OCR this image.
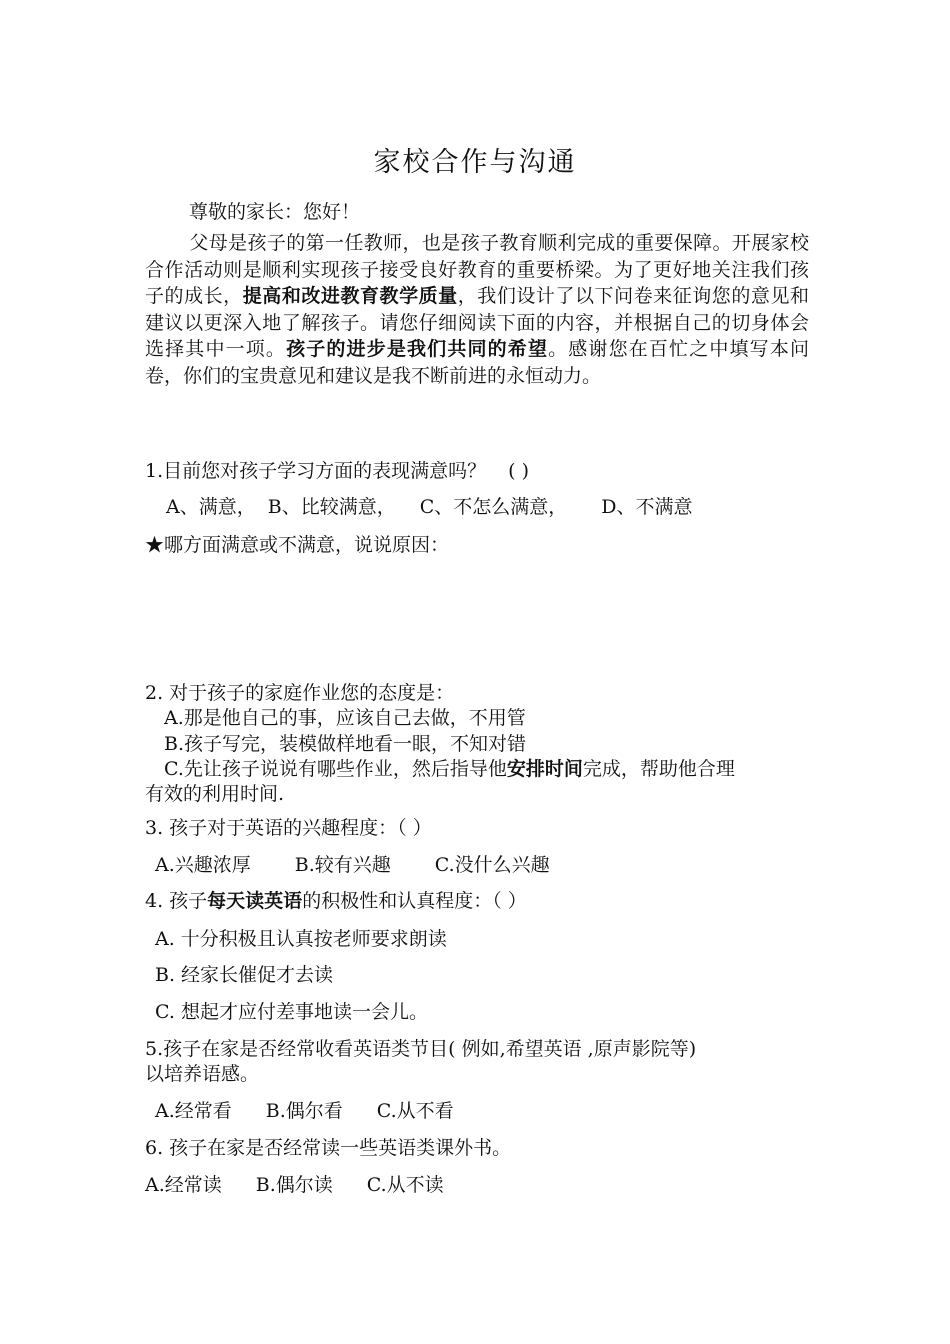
家校合作与沟通
尊敬的家长：您好！
父母是孩子的第一任教师，也是孩子教育顺利完成的重要保障。开展家校合作活动则是顺利实现孩子接受良好教育的重要桥梁。为了更好地关注我们孩子的成长，提高和改进教育教学质量，我们设计了以下问卷来征询您的意见和建议以更深入地了解孩子。请您仔细阅读下面的内容，并根据自己的切身体会选择其中一项。孩子的进步是我们共同的希望。感谢您在百忙之中填写本问卷，你们的宝贵意见和建议是我不断前进的永恒动力。
1.目前您对孩子学习方面的表现满意吗？ ( )
A、满意， B、比较满意， C、不怎么满意， D、不满意
★哪方面满意或不满意，说说原因：
2. 对于孩子的家庭作业您的态度是：
A.那是他自己的事，应该自己去做，不用管
B.孩子写完，装模做样地看一眼，不知对错
C.先让孩子说说有哪些作业，然后指导他安排时间完成，帮助他合理
有效的利用时间.
3. 孩子对于英语的兴趣程度：（ ）
A.兴趣浓厚 B.较有兴趣 C.没什么兴趣
4. 孩子每天读英语的积极性和认真程度：（ ）
A. 十分积极且认真按老师要求朗读
B. 经家长催促才去读
C. 想起才应付差事地读一会儿。
5.孩子在家是否经常收看英语类节目( 例如,希望英语 ,原声影院等)
以培养语感。
A.经常看 B.偶尔看 C.从不看
6. 孩子在家是否经常读一些英语类课外书。
A.经常读 B.偶尔读 C.从不读
